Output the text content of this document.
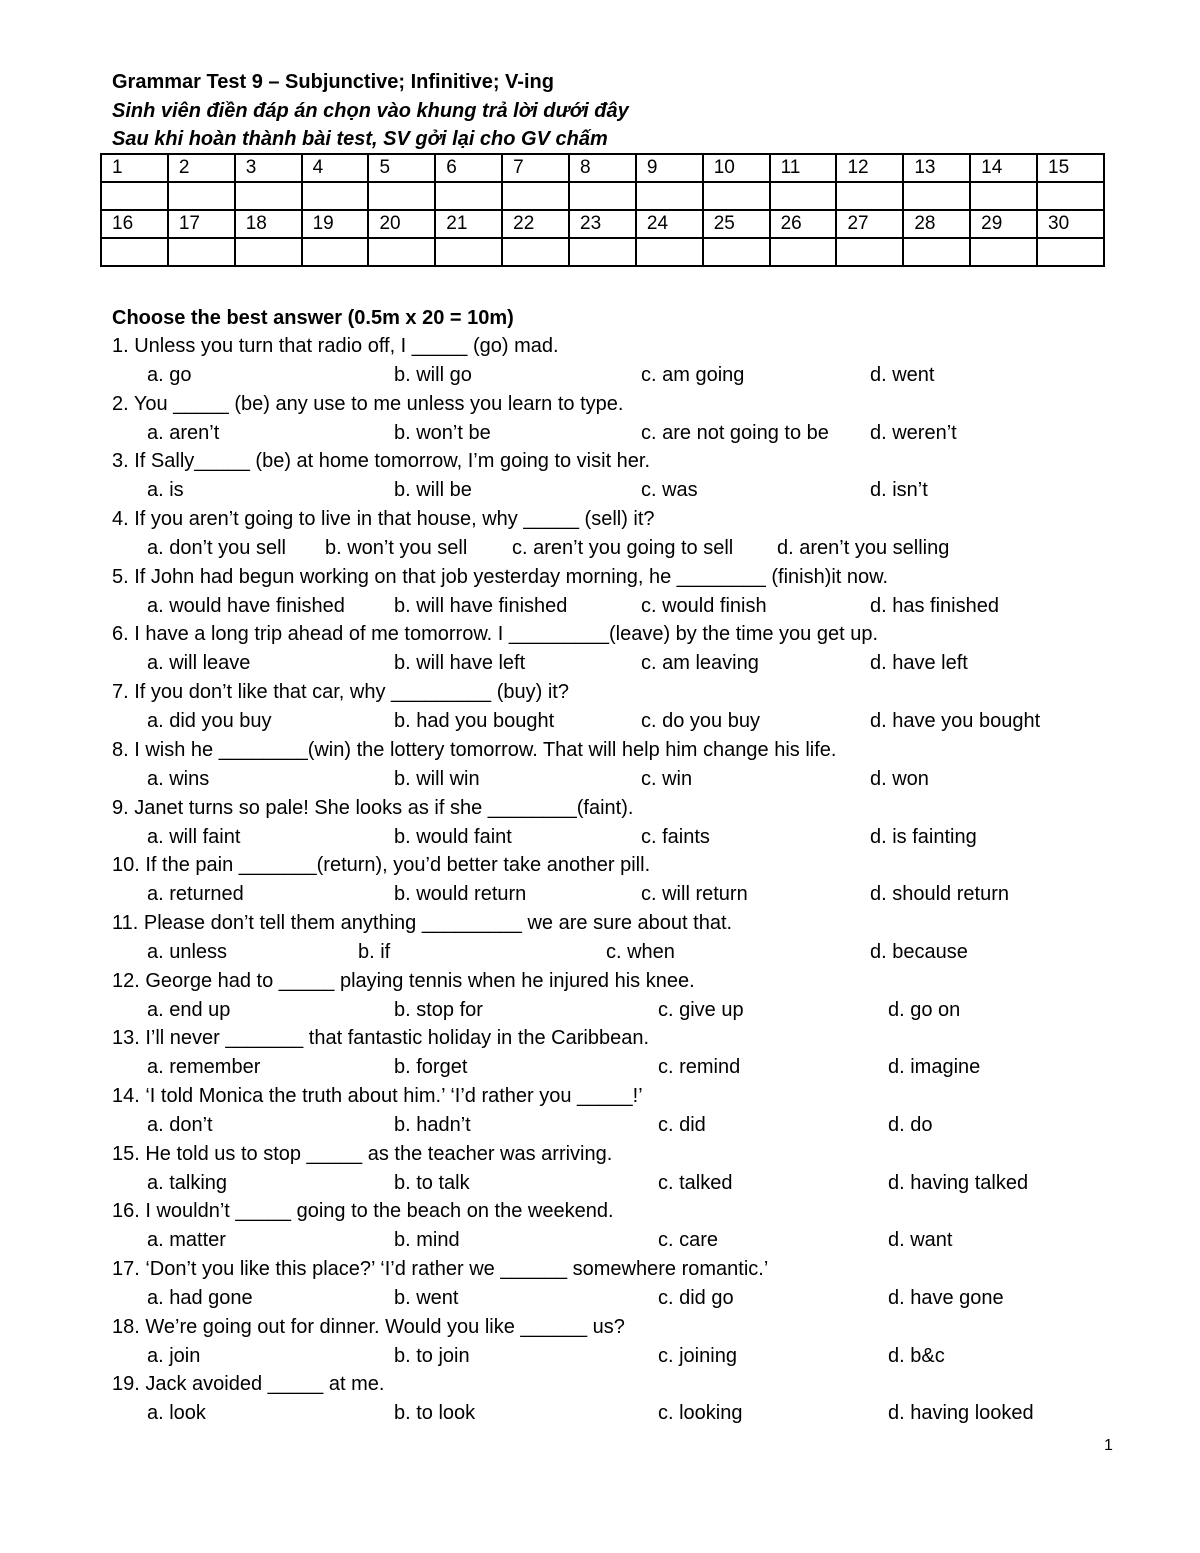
Grammar Test 9 – Subjunctive; Infinitive; V-ing
Sinh viên điền đáp án chọn vào khung trả lời dưới đây
Sau khi hoàn thành bài test, SV gởi lại cho GV chấm
1	2	3	4	5	6	7	8	9	10	11	12	13	14	15

16	17	18	19	20	21	22	23	24	25	26	27	28	29	30

Choose the best answer (0.5m x 20 = 10m)
1. Unless you turn that radio off, I _____ (go) mad.
a. go	b. will go	c. am going	d. went
2. You _____ (be) any use to me unless you learn to type.
a. aren’t	b. won’t be	c. are not going to be d. weren’t
3. If Sally_____ (be) at home tomorrow, I’m going to visit her.
a. is	b. will be	c. was	d. isn’t
4. If you aren’t going to live in that house, why _____ (sell) it?
a. don’t you sell b. won’t you sell c. aren’t you going to sell d. aren’t you selling
5. If John had begun working on that job yesterday morning, he ________ (finish)it now.
a. would have finished b. will have finished	c. would finish	d. has finished
6. I have a long trip ahead of me tomorrow. I _________(leave) by the time you get up.
a. will leave	b. will have left	c. am leaving	d. have left
7. If you don’t like that car, why _________ (buy) it?
a. did you buy	b. had you bought	c. do you buy	d. have you bought
8. I wish he ________(win) the lottery tomorrow. That will help him change his life.
a. wins	b. will win	c. win	d. won
9. Janet turns so pale! She looks as if she ________(faint).
a. will faint	b. would faint	c. faints	d. is fainting
10. If the pain _______(return), you’d better take another pill.
a. returned	b. would return	c. will return	d. should return
11. Please don’t tell them anything _________ we are sure about that.
a. unless	b. if	c. when	d. because
12. George had to _____ playing tennis when he injured his knee.
a. end up	b. stop for	c. give up	d. go on
13. I’ll never _______ that fantastic holiday in the Caribbean.
a. remember	b. forget	c. remind	d. imagine
14. ‘I told Monica the truth about him.’ ‘I’d rather you _____!’
a. don’t	b. hadn’t	c. did	d. do
15. He told us to stop _____ as the teacher was arriving.
a. talking	b. to talk	c. talked	d. having talked
16. I wouldn’t _____ going to the beach on the weekend.
a. matter	b. mind	c. care	d. want
17. ‘Don’t you like this place?’ ‘I’d rather we ______ somewhere romantic.’
a. had gone	b. went	c. did go	d. have gone
18. We’re going out for dinner. Would you like ______ us?
a. join	b. to join	c. joining	d. b&c
19. Jack avoided _____ at me.
a. look	b. to look	c. looking	d. having looked
1
